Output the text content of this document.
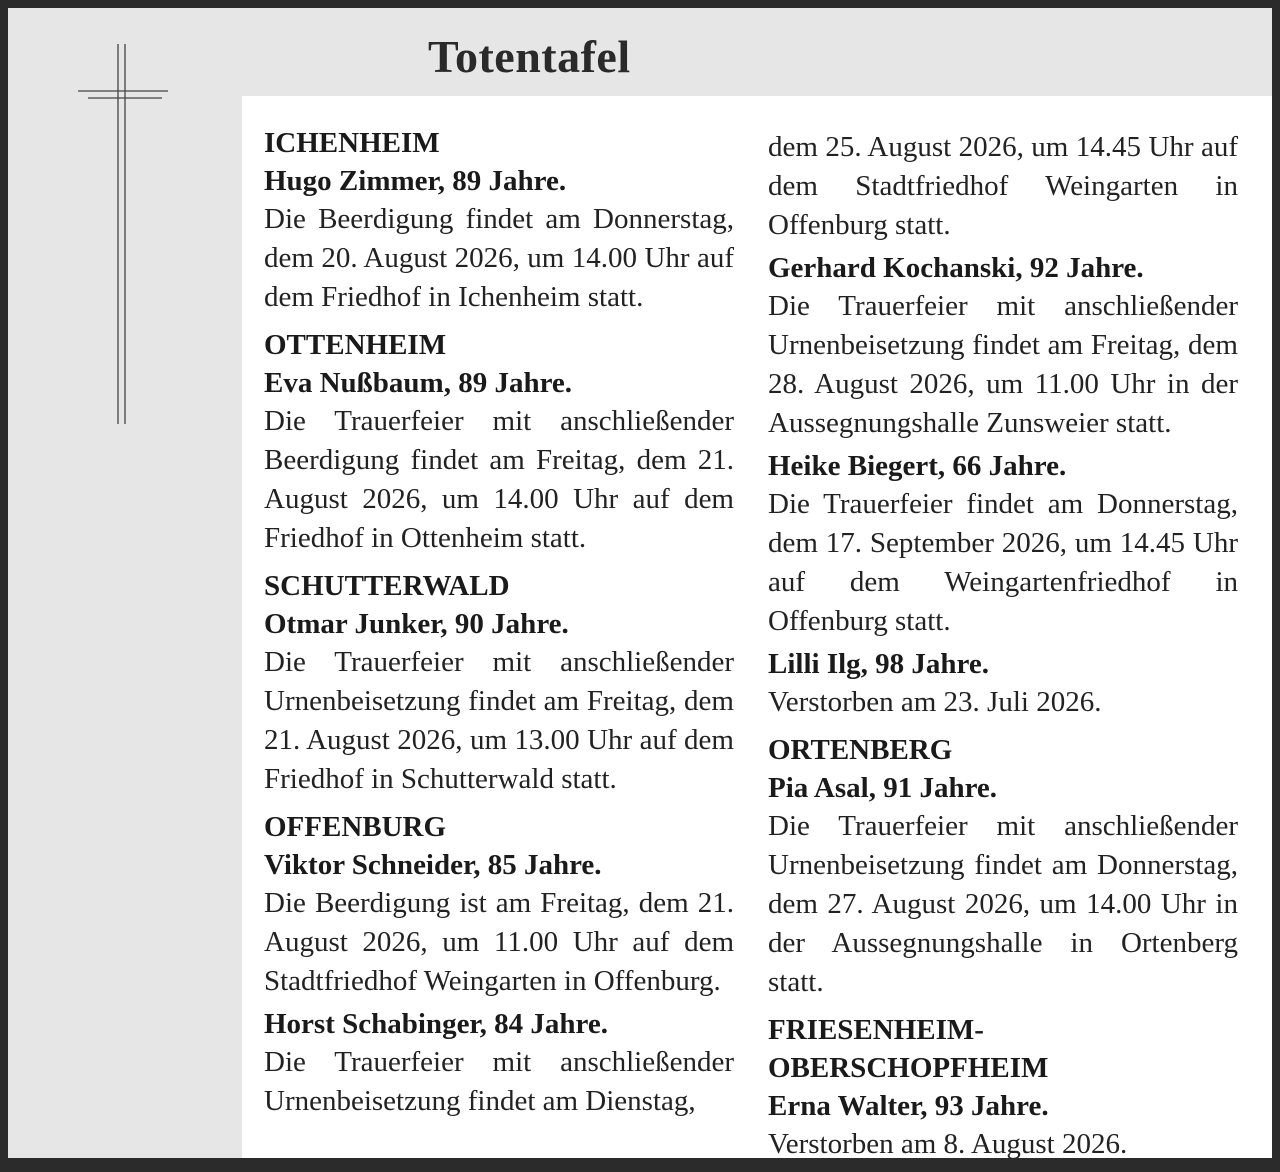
Totentafel
ICHENHEIM
Hugo Zimmer, 89 Jahre.
Die Beerdigung findet am Donnerstag, dem 20. August 2026, um 14.00 Uhr auf dem Friedhof in Ichenheim statt.
OTTENHEIM
Eva Nußbaum, 89 Jahre.
Die Trauerfeier mit anschließender Beerdigung findet am Freitag, dem 21. August 2026, um 14.00 Uhr auf dem Friedhof in Ottenheim statt.
SCHUTTERWALD
Otmar Junker, 90 Jahre.
Die Trauerfeier mit anschließender Urnenbeisetzung findet am Freitag, dem 21. August 2026, um 13.00 Uhr auf dem Friedhof in Schutterwald statt.
OFFENBURG
Viktor Schneider, 85 Jahre.
Die Beerdigung ist am Freitag, dem 21. August 2026, um 11.00 Uhr auf dem Stadtfriedhof Weingarten in Offenburg.
Horst Schabinger, 84 Jahre.
Die Trauerfeier mit anschließender Urnenbeisetzung findet am Dienstag,
dem 25. August 2026, um 14.45 Uhr auf dem Stadtfriedhof Weingarten in Offenburg statt.
Gerhard Kochanski, 92 Jahre.
Die Trauerfeier mit anschließender Urnenbeisetzung findet am Freitag, dem 28. August 2026, um 11.00 Uhr in der Aussegnungshalle Zunsweier statt.
Heike Biegert, 66 Jahre.
Die Trauerfeier findet am Donnerstag, dem 17. September 2026, um 14.45 Uhr auf dem Weingartenfriedhof in Offenburg statt.
Lilli Ilg, 98 Jahre.
Verstorben am 23. Juli 2026.
ORTENBERG
Pia Asal, 91 Jahre.
Die Trauerfeier mit anschließender Urnenbeisetzung findet am Donnerstag, dem 27. August 2026, um 14.00 Uhr in der Aussegnungshalle in Ortenberg statt.
FRIESENHEIM-OBERSCHOPFHEIM
Erna Walter, 93 Jahre.
Verstorben am 8. August 2026.
